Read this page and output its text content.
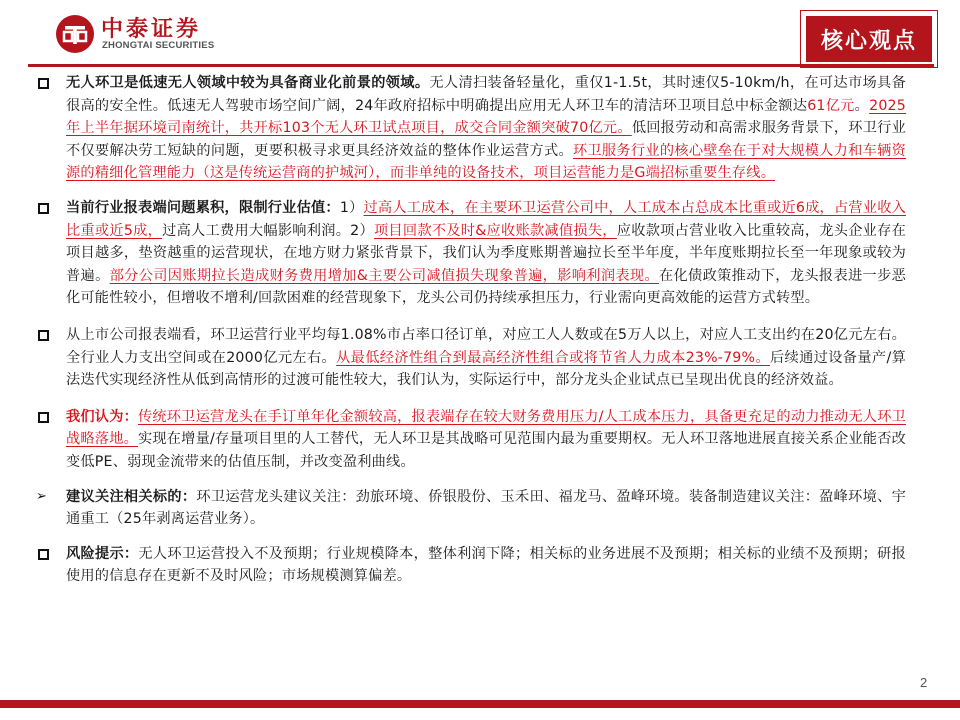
中泰证券
ZHONGTAI SECURITIES	核心观点
无人环卫是低速无人领域中较为具备商业化前景的领域。无人清扫装备轻量化，重仅1-1.5t，其时速仅5-10km/h，在可达市场具备很高的安全性。低速无人驾驶市场空间广阔，24年政府招标中明确提出应用无人环卫车的清洁环卫项目总中标金额达61亿元。2025年上半年据环境司南统计，共开标103个无人环卫试点项目，成交合同金额突破70亿元。低回报劳动和高需求服务背景下，环卫行业不仅要解决劳工短缺的问题，更要积极寻求更具经济效益的整体作业运营方式。环卫服务行业的核心壁垒在于对大规模人力和车辆资源的精细化管理能力（这是传统运营商的护城河），而非单纯的设备技术，项目运营能力是G端招标重要生存线。
当前行业报表端问题累积，限制行业估值：1）过高人工成本，在主要环卫运营公司中，人工成本占总成本比重或近6成，占营业收入比重或近5成，过高人工费用大幅影响利润。2）项目回款不及时&应收账款减值损失，应收款项占营业收入比重较高，龙头企业存在项目越多，垫资越重的运营现状，在地方财力紧张背景下，我们认为季度账期普遍拉长至半年度，半年度账期拉长至一年现象或较为普遍。部分公司因账期拉长造成财务费用增加&主要公司减值损失现象普遍，影响利润表现。在化债政策推动下，龙头报表进一步恶化可能性较小，但增收不增利/回款困难的经营现象下，龙头公司仍持续承担压力，行业需向更高效能的运营方式转型。
从上市公司报表端看，环卫运营行业平均每1.08%市占率口径订单，对应工人人数或在5万人以上，对应人工支出约在20亿元左右。全行业人力支出空间或在2000亿元左右。从最低经济性组合到最高经济性组合或将节省人力成本23%-79%。后续通过设备量产/算法迭代实现经济性从低到高情形的过渡可能性较大，我们认为，实际运行中，部分龙头企业试点已呈现出优良的经济效益。
我们认为：传统环卫运营龙头在手订单年化金额较高，报表端存在较大财务费用压力/人工成本压力，具备更充足的动力推动无人环卫战略落地。实现在增量/存量项目里的人工替代，无人环卫是其战略可见范围内最为重要期权。无人环卫落地进展直接关系企业能否改变低PE、弱现金流带来的估值压制，并改变盈利曲线。
➢ 建议关注相关标的：环卫运营龙头建议关注：劲旅环境、侨银股份、玉禾田、福龙马、盈峰环境。装备制造建议关注：盈峰环境、宇通重工（25年剥离运营业务）。
风险提示：无人环卫运营投入不及预期；行业规模降本，整体利润下降；相关标的业务进展不及预期；相关标的业绩不及预期；研报使用的信息存在更新不及时风险；市场规模测算偏差。
2
